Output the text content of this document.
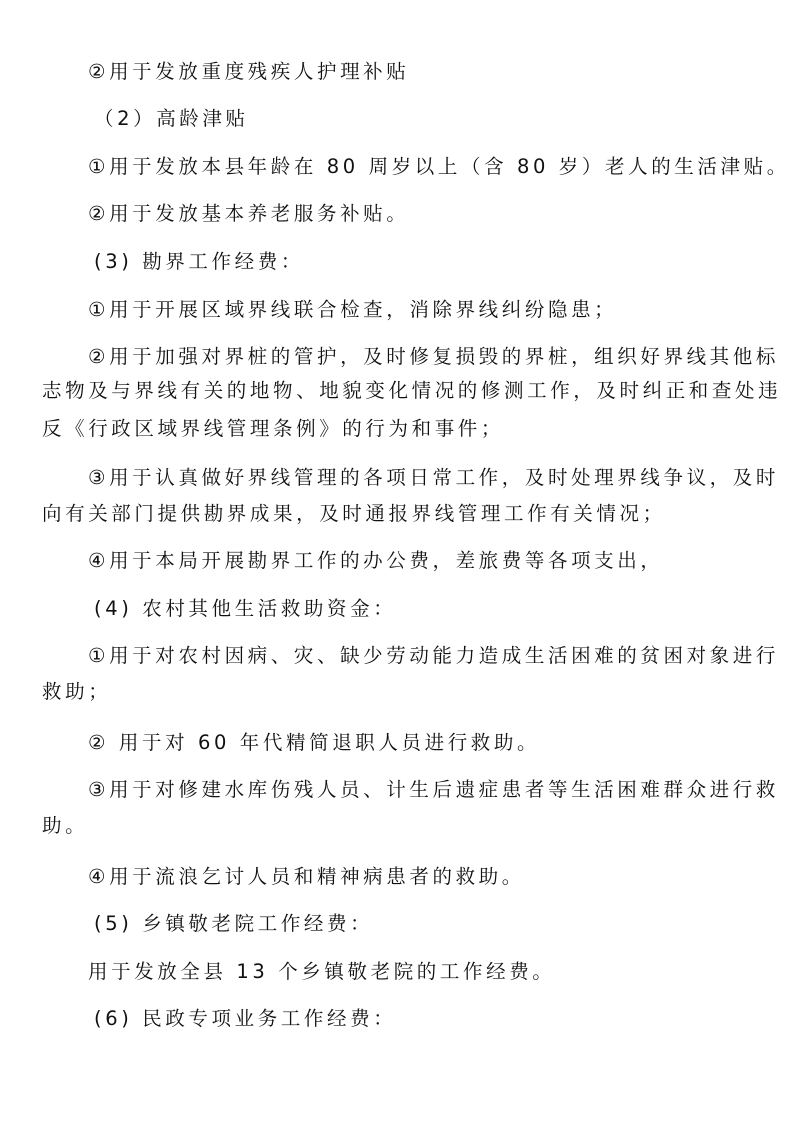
②用于发放重度残疾人护理补贴
（2）高龄津贴
①用于发放本县年龄在 80 周岁以上（含 80 岁）老人的生活津贴。
②用于发放基本养老服务补贴。
(3) 勘界工作经费：
①用于开展区域界线联合检查，消除界线纠纷隐患；
②用于加强对界桩的管护，及时修复损毁的界桩，组织好界线其他标
志物及与界线有关的地物、地貌变化情况的修测工作，及时纠正和查处违
反《行政区域界线管理条例》的行为和事件；
③用于认真做好界线管理的各项日常工作，及时处理界线争议，及时
向有关部门提供勘界成果，及时通报界线管理工作有关情况；
④用于本局开展勘界工作的办公费，差旅费等各项支出，
(4) 农村其他生活救助资金：
①用于对农村因病、灾、缺少劳动能力造成生活困难的贫困对象进行
救助；
② 用于对 60 年代精简退职人员进行救助。
③用于对修建水库伤残人员、计生后遗症患者等生活困难群众进行救
助。
④用于流浪乞讨人员和精神病患者的救助。
(5) 乡镇敬老院工作经费：
用于发放全县 13 个乡镇敬老院的工作经费。
(6) 民政专项业务工作经费：
